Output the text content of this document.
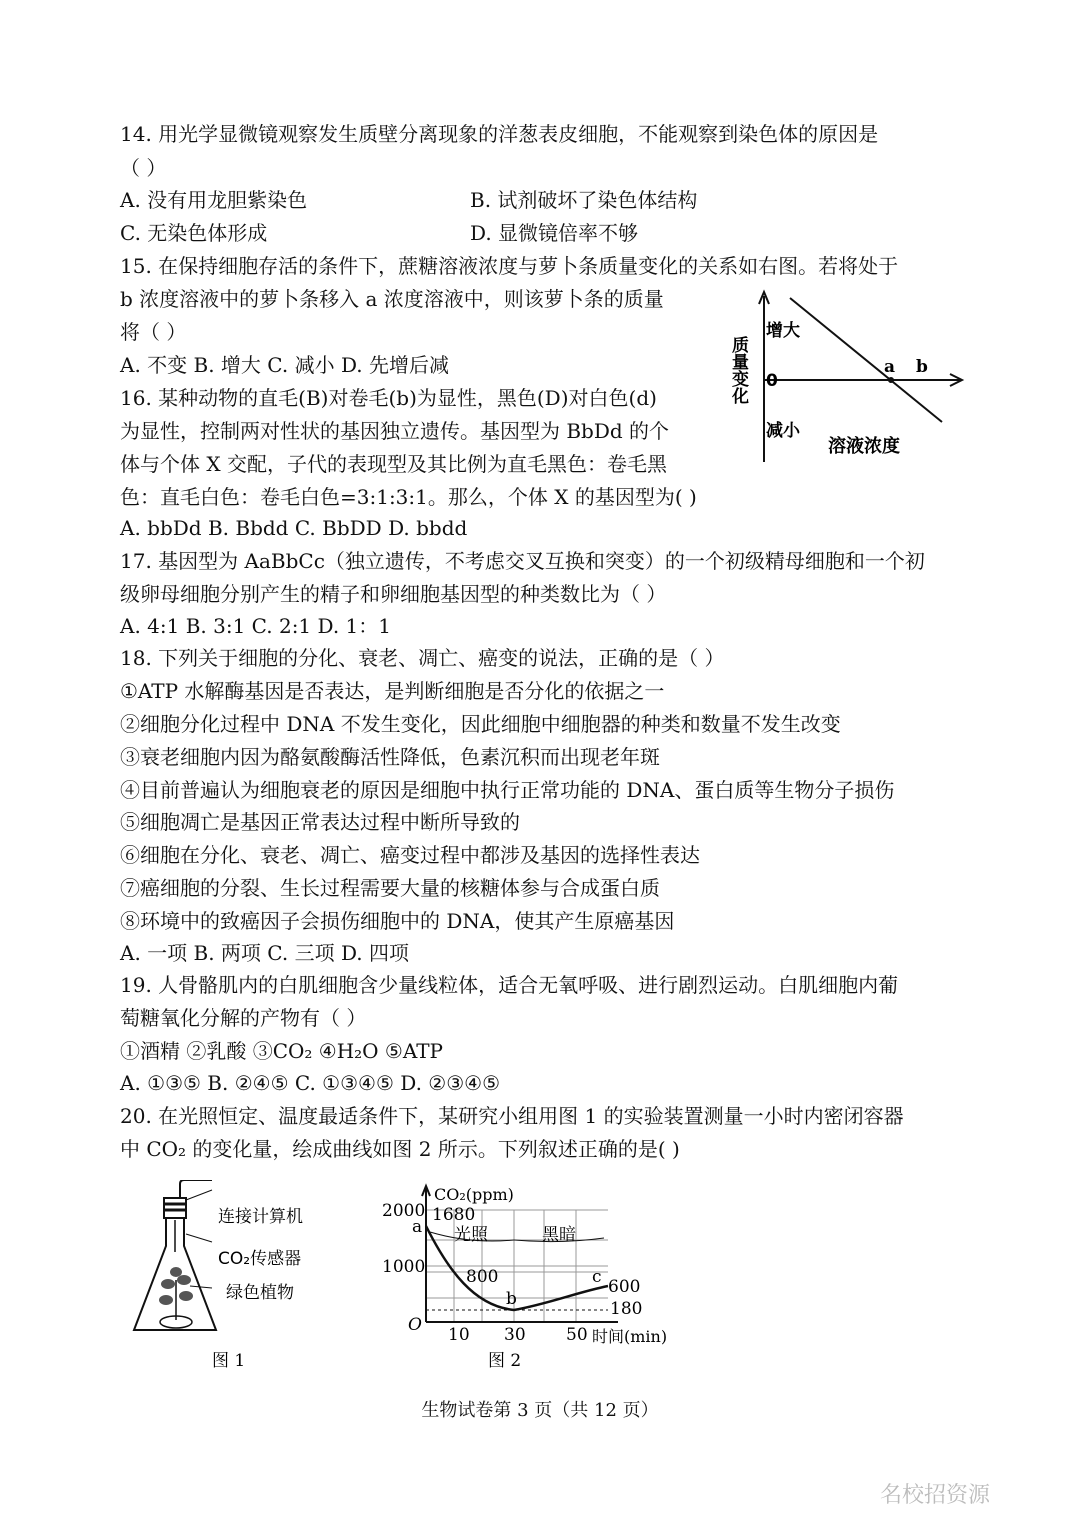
14. 用光学显微镜观察发生质壁分离现象的洋葱表皮细胞，不能观察到染色体的原因是
（ ）
A. 没有用龙胆紫染色	B. 试剂破坏了染色体结构
C. 无染色体形成	D. 显微镜倍率不够
15. 在保持细胞存活的条件下，蔗糖溶液浓度与萝卜条质量变化的关系如右图。若将处于
b 浓度溶液中的萝卜条移入 a 浓度溶液中，则该萝卜条的质量
将（ ）
A. 不变 B. 增大 C. 减小 D. 先增后减	a b
增大
0
减小
溶液浓度
质量变化
16. 某种动物的直毛(B)对卷毛(b)为显性，黑色(D)对白色(d)
为显性，控制两对性状的基因独立遗传。基因型为 BbDd 的个
体与个体 X 交配，子代的表现型及其比例为直毛黑色：卷毛黑
色：直毛白色：卷毛白色=3:1:3:1。那么，个体 X 的基因型为( )
A. bbDd B. Bbdd C. BbDD D. bbdd
17. 基因型为 AaBbCc（独立遗传，不考虑交叉互换和突变）的一个初级精母细胞和一个初
级卵母细胞分别产生的精子和卵细胞基因型的种类数比为（ ）
A. 4:1 B. 3:1 C. 2:1 D. 1：1
18. 下列关于细胞的分化、衰老、凋亡、癌变的说法，正确的是（ ）
①ATP 水解酶基因是否表达，是判断细胞是否分化的依据之一
②细胞分化过程中 DNA 不发生变化，因此细胞中细胞器的种类和数量不发生改变
③衰老细胞内因为酪氨酸酶活性降低，色素沉积而出现老年斑
④目前普遍认为细胞衰老的原因是细胞中执行正常功能的 DNA、蛋白质等生物分子损伤
⑤细胞凋亡是基因正常表达过程中断所导致的
⑥细胞在分化、衰老、凋亡、癌变过程中都涉及基因的选择性表达
⑦癌细胞的分裂、生长过程需要大量的核糖体参与合成蛋白质
⑧环境中的致癌因子会损伤细胞中的 DNA，使其产生原癌基因
A. 一项 B. 两项 C. 三项 D. 四项
19. 人骨骼肌内的白肌细胞含少量线粒体，适合无氧呼吸、进行剧烈运动。白肌细胞内葡
萄糖氧化分解的产物有（ ）
①酒精 ②乳酸 ③CO₂ ④H₂O ⑤ATP
A. ①③⑤ B. ②④⑤ C. ①③④⑤ D. ②③④⑤
20. 在光照恒定、温度最适条件下，某研究小组用图 1 的实验装置测量一小时内密闭容器
中 CO₂ 的变化量，绘成曲线如图 2 所示。下列叙述正确的是( )
连接计算机
CO₂传感器
绿色植物
图 1
光照	黑暗
1680
800	600
180
a
b
c
CO₂(ppm)
2000
1000
O 10 30 50 时间(min)
图 2
生物试卷第 3 页（共 12 页）
名校招资源
